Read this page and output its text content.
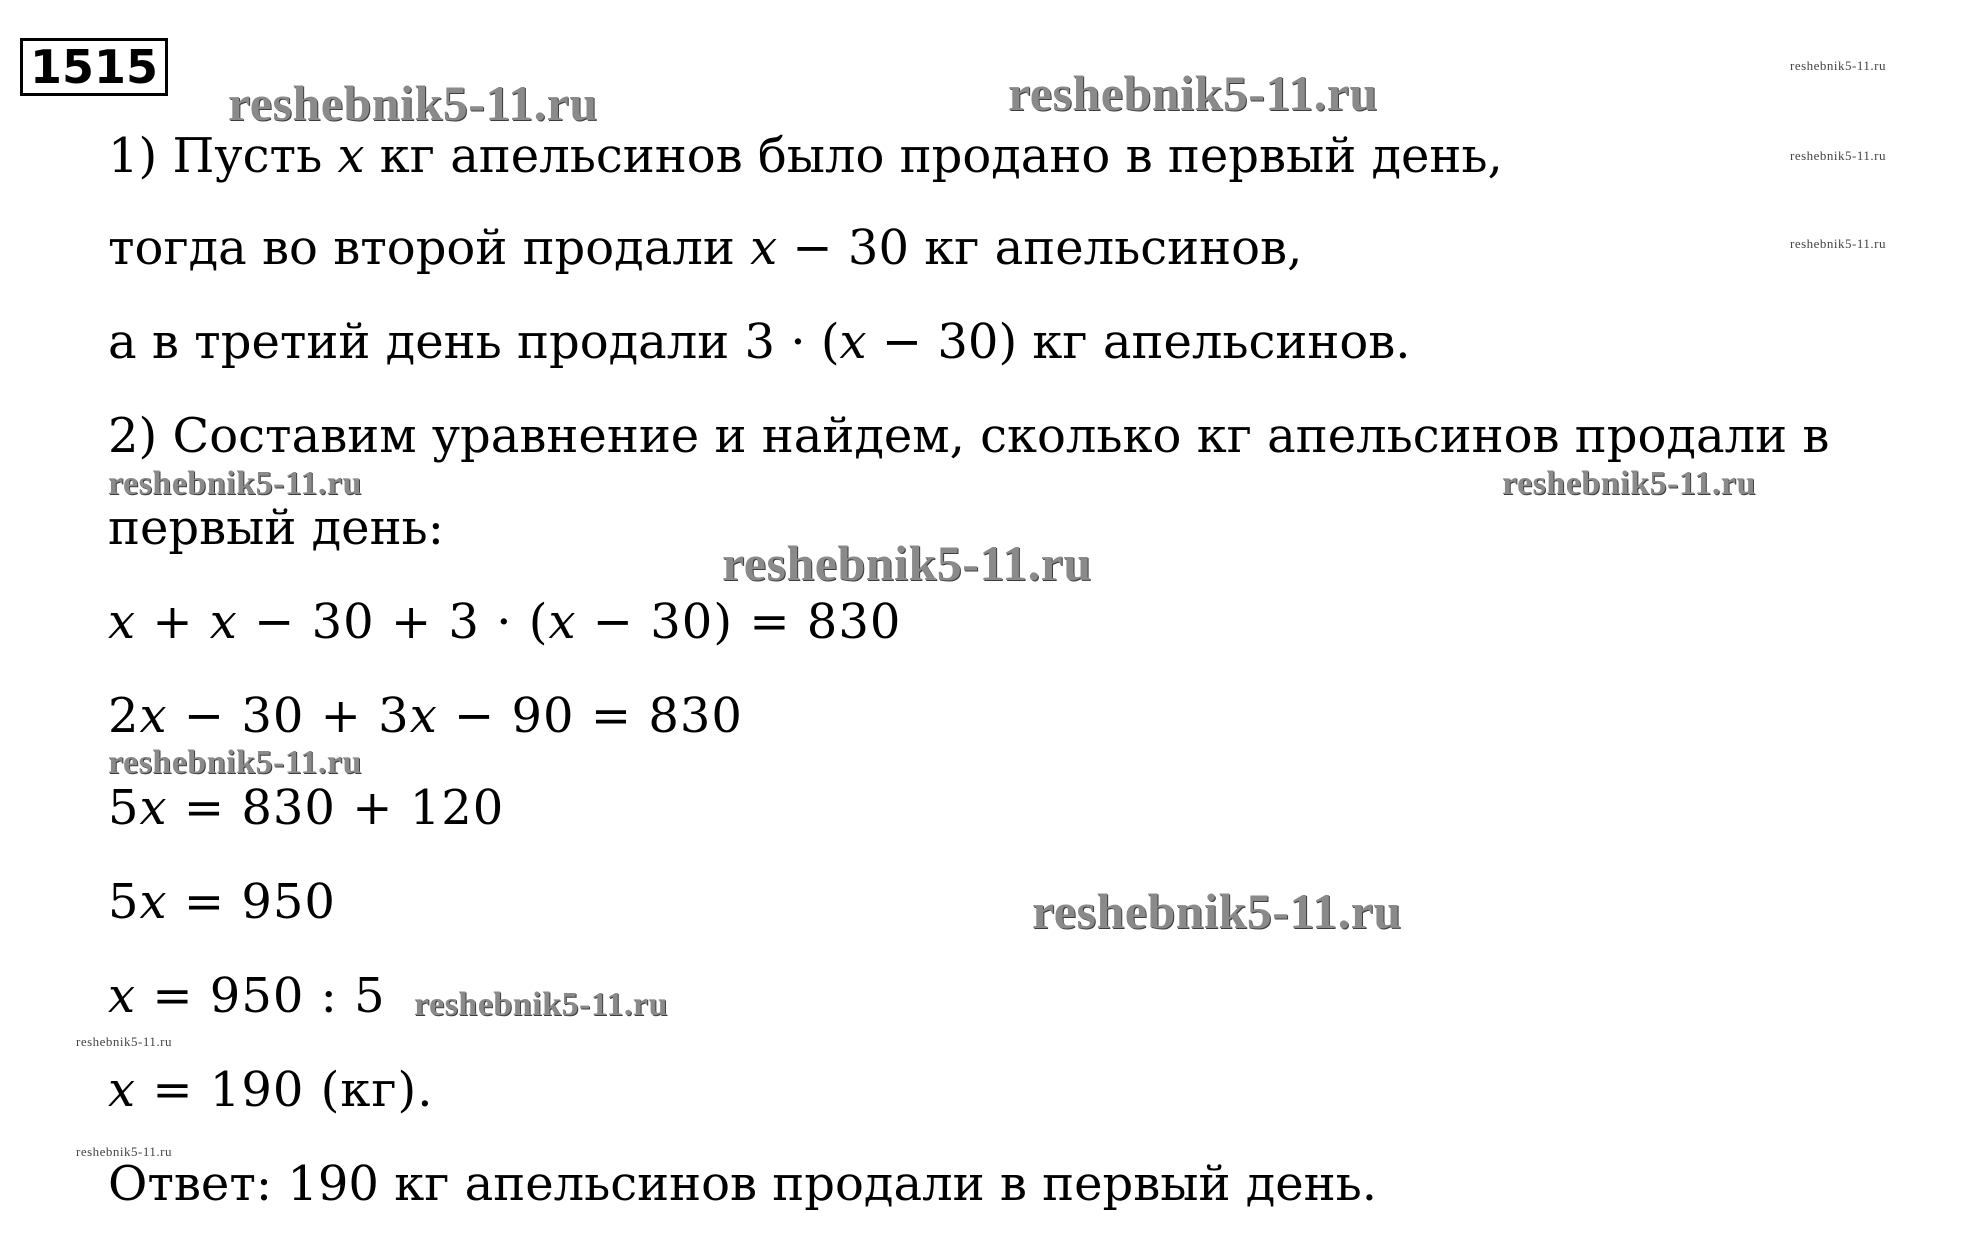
1515
reshebnik5-11.ru	reshebnik5-11.ru
reshebnik5-11.ru
reshebnik5-11.ru
reshebnik5-11.ru	reshebnik5-11.ru
reshebnik5-11.ru
reshebnik5-11.ru
reshebnik5-11.ru
reshebnik5-11.ru
reshebnik5-11.ru
reshebnik5-11.ru
reshebnik5-11.ru

1) Пусть 𝑥 кг апельсинов было продано в первый день,

тогда во второй продали 𝑥 − 30 кг апельсинов,

а в третий день продали 3 · (𝑥 − 30) кг апельсинов.

2) Составим уравнение и найдем, сколько кг апельсинов продали в

первый день:

𝑥 + 𝑥 − 30 + 3 · (𝑥 − 30) = 830

2𝑥 − 30 + 3𝑥 − 90 = 830

5𝑥 = 830 + 120

5𝑥 = 950

𝑥 = 950 : 5

𝑥 = 190 (кг).

Ответ: 190 кг апельсинов продали в первый день.
